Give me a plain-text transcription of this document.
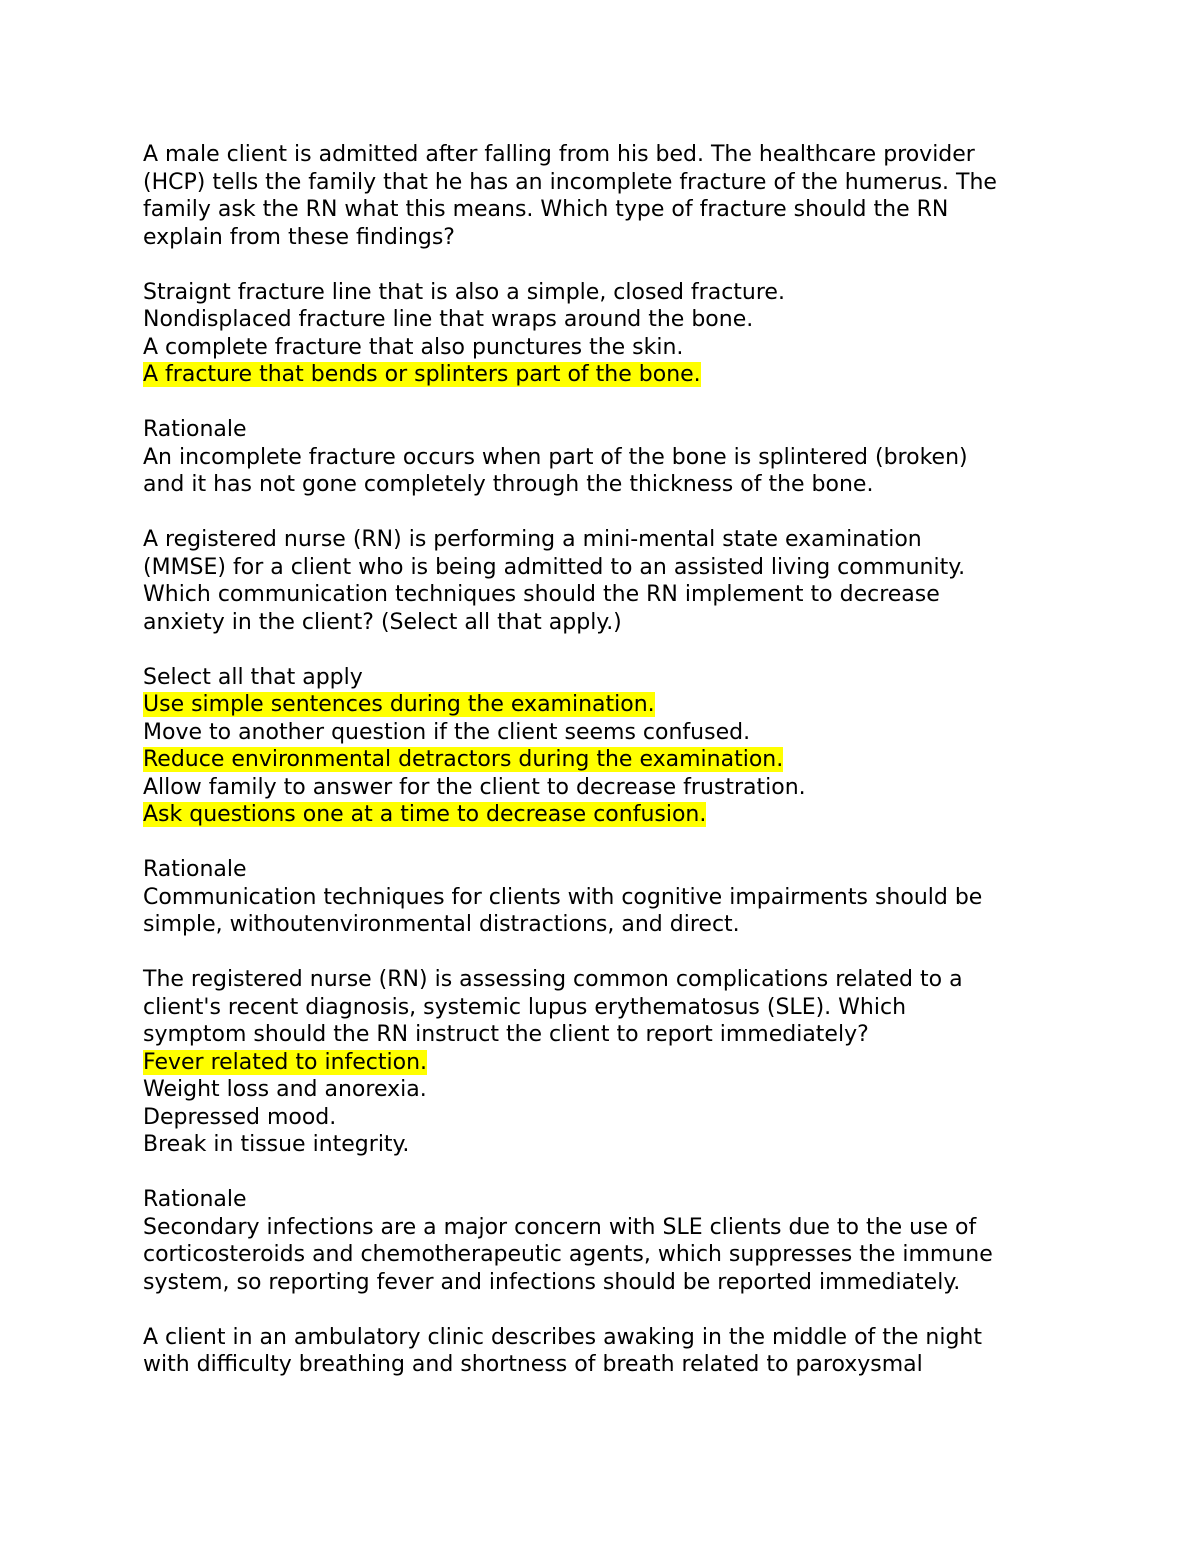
A male client is admitted after falling from his bed. The healthcare provider
(HCP) tells the family that he has an incomplete fracture of the humerus. The
family ask the RN what this means. Which type of fracture should the RN
explain from these findings?
Straignt fracture line that is also a simple, closed fracture.
Nondisplaced fracture line that wraps around the bone.
A complete fracture that also punctures the skin.
A fracture that bends or splinters part of the bone.
Rationale
An incomplete fracture occurs when part of the bone is splintered (broken)
and it has not gone completely through the thickness of the bone.
A registered nurse (RN) is performing a mini-mental state examination
(MMSE) for a client who is being admitted to an assisted living community.
Which communication techniques should the RN implement to decrease
anxiety in the client? (Select all that apply.)
Select all that apply
Use simple sentences during the examination.
Move to another question if the client seems confused.
Reduce environmental detractors during the examination.
Allow family to answer for the client to decrease frustration.
Ask questions one at a time to decrease confusion.
Rationale
Communication techniques for clients with cognitive impairments should be
simple, withoutenvironmental distractions, and direct.
The registered nurse (RN) is assessing common complications related to a
client's recent diagnosis, systemic lupus erythematosus (SLE). Which
symptom should the RN instruct the client to report immediately?
Fever related to infection.
Weight loss and anorexia.
Depressed mood.
Break in tissue integrity.
Rationale
Secondary infections are a major concern with SLE clients due to the use of
corticosteroids and chemotherapeutic agents, which suppresses the immune
system, so reporting fever and infections should be reported immediately.
A client in an ambulatory clinic describes awaking in the middle of the night
with difficulty breathing and shortness of breath related to paroxysmal
